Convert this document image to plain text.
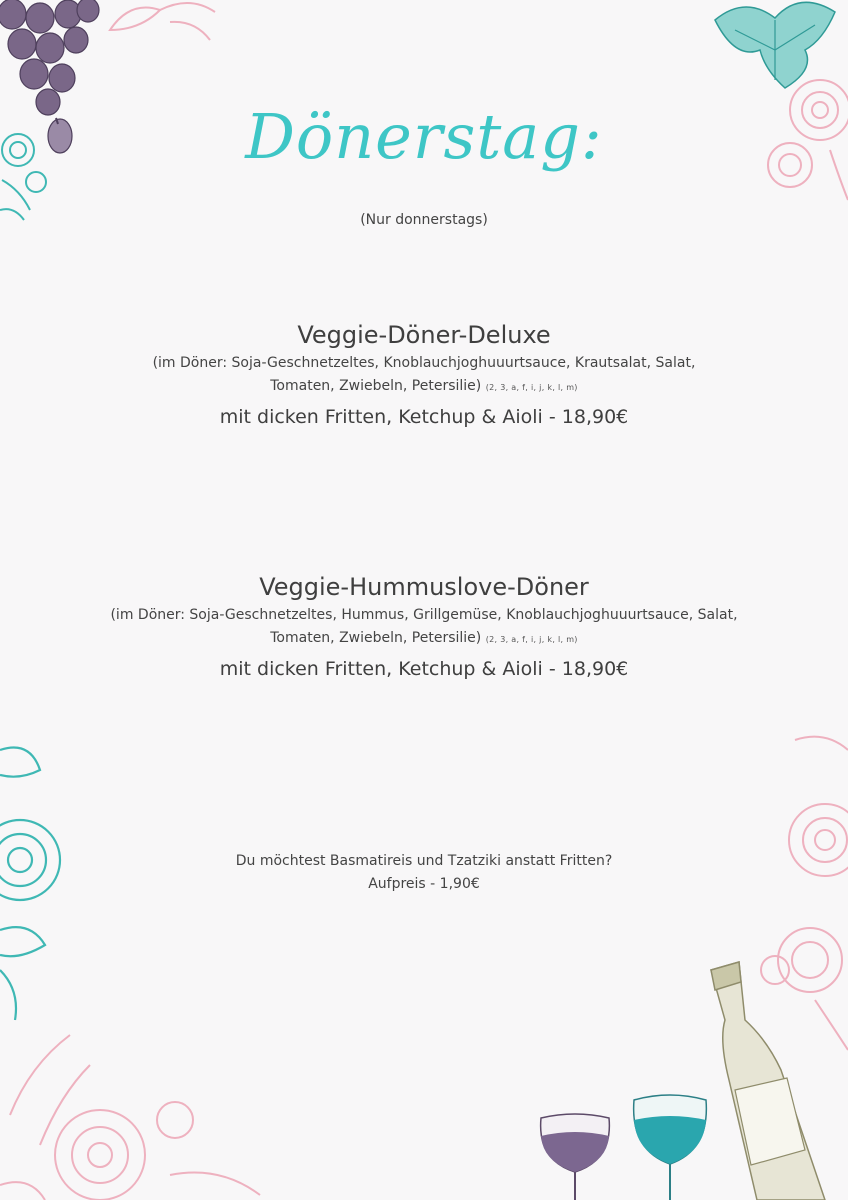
Dönerstag:
(Nur donnerstags)
Veggie-Döner-Deluxe
(im Döner: Soja-Geschnetzeltes, Knoblauchjoghuuurtsauce, Krautsalat, Salat,
Tomaten, Zwiebeln, Petersilie) (2, 3, a, f, i, j, k, l, m)
mit dicken Fritten, Ketchup & Aioli - 18,90€
Veggie-Hummuslove-Döner
(im Döner: Soja-Geschnetzeltes, Hummus, Grillgemüse, Knoblauchjoghuuurtsauce, Salat,
Tomaten, Zwiebeln, Petersilie) (2, 3, a, f, i, j, k, l, m)
mit dicken Fritten, Ketchup & Aioli - 18,90€
Du möchtest Basmatireis und Tzatziki anstatt Fritten?
Aufpreis - 1,90€
